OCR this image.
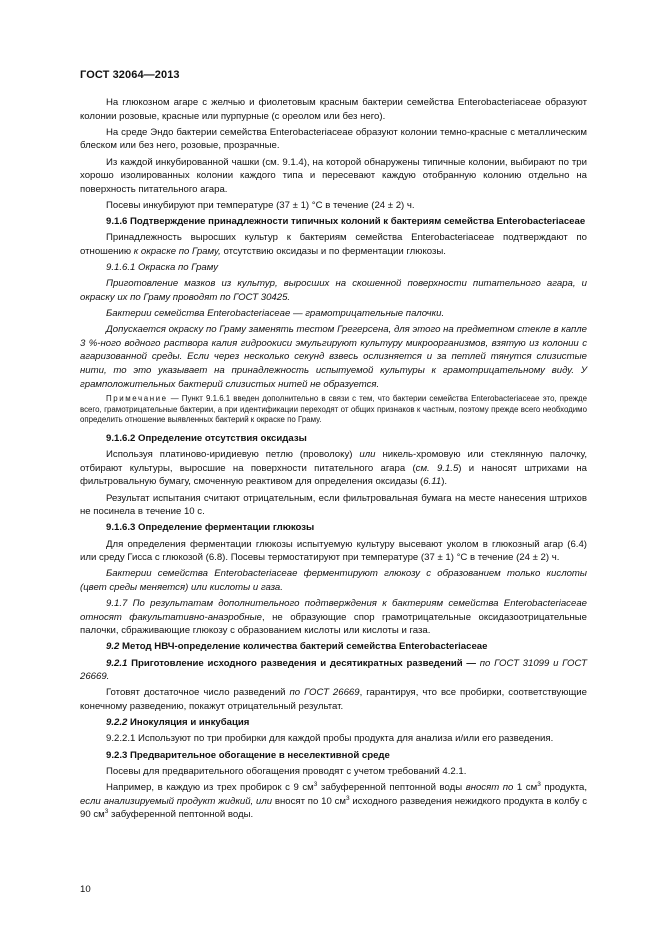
ГОСТ 32064—2013

На глюкозном агаре с желчью и фиолетовым красным бактерии семейства Enterobacteriaceae образуют колонии розовые, красные или пурпурные (с ореолом или без него).

На среде Эндо бактерии семейства Enterobacteriaceae образуют колонии темно-красные с металлическим блеском или без него, розовые, прозрачные.

Из каждой инкубированной чашки (см. 9.1.4), на которой обнаружены типичные колонии, выбирают по три хорошо изолированных колонии каждого типа и пересевают каждую отобранную колонию отдельно на поверхность питательного агара.

Посевы инкубируют при температуре (37 ± 1) °С в течение (24 ± 2) ч.

9.1.6 Подтверждение принадлежности типичных колоний к бактериям семейства Enterobacteriaceae

Принадлежность выросших культур к бактериям семейства Enterobacteriaceae подтверждают по отношению к окраске по Граму, отсутствию оксидазы и по ферментации глюкозы.

9.1.6.1 Окраска по Граму

Приготовление мазков из культур, выросших на скошенной поверхности питательного агара, и окраску их по Граму проводят по ГОСТ 30425.

Бактерии семейства Enterobacteriaceae — грамотрицательные палочки.

Допускается окраску по Граму заменять тестом Грегерсена, для этого на предметном стекле в капле 3 %-ного водного раствора калия гидроокиси эмульгируют культуру микроорганизмов, взятую из колонии с агаризованной среды. Если через несколько секунд взвесь ослизняется и за петлей тянутся слизистые нити, то это указывает на принадлежность испытуемой культуры к грамотрицательному виду. У грамположительных бактерий слизистых нитей не образуется.

Примечание — Пункт 9.1.6.1 введен дополнительно в связи с тем, что бактерии семейства Enterobacteriaceae это, прежде всего, грамотрицательные бактерии, а при идентификации переходят от общих признаков к частным, поэтому прежде всего необходимо определить отношение выявленных бактерий к окраске по Граму.

9.1.6.2 Определение отсутствия оксидазы

Используя платиново-иридиевую петлю (проволоку) или никель-хромовую или стеклянную палочку, отбирают культуры, выросшие на поверхности питательного агара (см. 9.1.5) и наносят штрихами на фильтровальную бумагу, смоченную реактивом для определения оксидазы (6.11).

Результат испытания считают отрицательным, если фильтровальная бумага на месте нанесения штрихов не посинела в течение 10 с.

9.1.6.3 Определение ферментации глюкозы

Для определения ферментации глюкозы испытуемую культуру высевают уколом в глюкозный агар (6.4) или среду Гисса с глюкозой (6.8). Посевы термостатируют при температуре (37 ± 1) °С в течение (24 ± 2) ч.

Бактерии семейства Enterobacteriaceae ферментируют глюкозу с образованием только кислоты (цвет среды меняется) или кислоты и газа.

9.1.7 По результатам дополнительного подтверждения к бактериям семейства Enterobacteriaceae относят факультативно-анаэробные, не образующие спор грамотрицательные оксидазоотрицательные палочки, сбраживающие глюкозу с образованием кислоты или кислоты и газа.

9.2 Метод НВЧ-определение количества бактерий семейства Enterobacteriaceae

9.2.1 Приготовление исходного разведения и десятикратных разведений — по ГОСТ 31099 и ГОСТ 26669.

Готовят достаточное число разведений по ГОСТ 26669, гарантируя, что все пробирки, соответствующие конечному разведению, покажут отрицательный результат.

9.2.2 Инокуляция и инкубация

9.2.2.1 Используют по три пробирки для каждой пробы продукта для анализа и/или его разведения.

9.2.3 Предварительное обогащение в неселективной среде

Посевы для предварительного обогащения проводят с учетом требований 4.2.1.

Например, в каждую из трех пробирок с 9 $см^3$ забуференной пептонной воды вносят по 1 $см^3$ продукта, если анализируемый продукт жидкий, или вносят по 10 $см^3$ исходного разведения нежидкого продукта в колбу с 90 $см^3$ забуференной пептонной воды.

10
